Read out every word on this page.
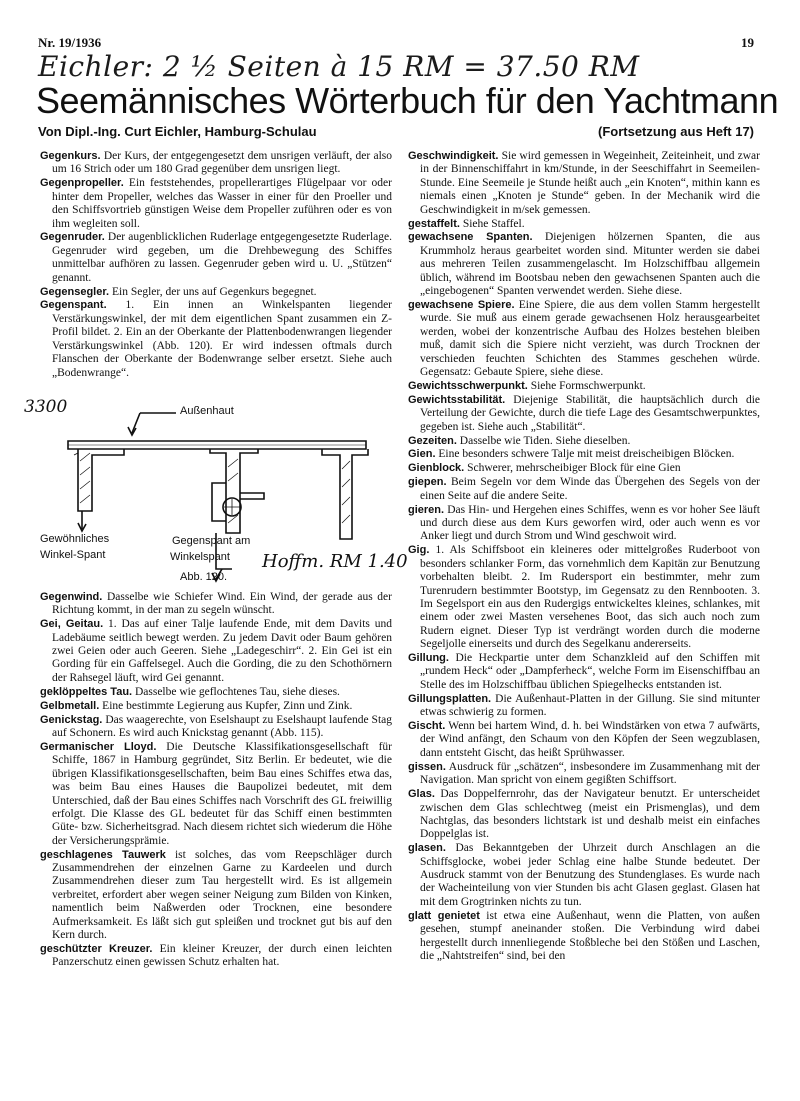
Nr. 19/1936	19
Eichler: 2 ½ Seiten à 15 RM = 37.50 RM
Seemännisches Wörterbuch für den Yachtmann
Von Dipl.-Ing. Curt Eichler, Hamburg-Schulau	(Fortsetzung aus Heft 17)
Gegenkurs. Der Kurs, der entgegengesetzt dem unsrigen verläuft, der also um 16 Strich oder um 180 Grad gegenüber dem unsrigen liegt.
Gegenpropeller. Ein feststehendes, propellerartiges Flügelpaar vor oder hinter dem Propeller, welches das Wasser in einer für den Proeller und den Schiffsvortrieb günstigen Weise dem Propeller zuführen oder es von ihm wegleiten soll.
Gegenruder. Der augenblicklichen Ruderlage entgegengesetzte Ruderlage. Gegenruder wird gegeben, um die Drehbewegung des Schiffes unmittelbar aufhören zu lassen. Gegenruder geben wird u. U. „Stützen“ genannt.
Gegensegler. Ein Segler, der uns auf Gegenkurs begegnet.
Gegenspant. 1. Ein innen an Winkelspanten liegender Verstärkungswinkel, der mit dem eigentlichen Spant zusammen ein Z-Profil bildet. 2. Ein an der Oberkante der Plattenbodenwrangen liegender Verstärkungswinkel (Abb. 120). Er wird indessen oftmals durch Flanschen der Oberkante der Bodenwrange selber ersetzt. Siehe auch „Bodenwrange“.
3300	Außenhaut
Gewöhnliches
Winkel-Spant
Gegenspant am
Winkelspant
Abb. 120.
Hoffm. RM 1.40
Gegenwind. Dasselbe wie Schiefer Wind. Ein Wind, der gerade aus der Richtung kommt, in der man zu segeln wünscht.
Gei, Geitau. 1. Das auf einer Talje laufende Ende, mit dem Davits und Ladebäume seitlich bewegt werden. Zu jedem Davit oder Baum gehören zwei Geien oder auch Geeren. Siehe „Ladegeschirr“. 2. Ein Gei ist ein Gording für ein Gaffelsegel. Auch die Gording, die zu den Schothörnern der Rahsegel läuft, wird Gei genannt.
geklöppeltes Tau. Dasselbe wie geflochtenes Tau, siehe dieses.
Gelbmetall. Eine bestimmte Legierung aus Kupfer, Zinn und Zink.
Genickstag. Das waagerechte, von Eselshaupt zu Eselshaupt laufende Stag auf Schonern. Es wird auch Knickstag genannt (Abb. 115).
Germanischer Lloyd. Die Deutsche Klassifikationsgesellschaft für Schiffe, 1867 in Hamburg gegründet, Sitz Berlin. Er bedeutet, wie die übrigen Klassifikationsgesellschaften, beim Bau eines Schiffes etwa das, was beim Bau eines Hauses die Baupolizei bedeutet, mit dem Unterschied, daß der Bau eines Schiffes nach Vorschrift des GL freiwillig erfolgt. Die Klasse des GL bedeutet für das Schiff einen bestimmten Güte- bzw. Sicherheitsgrad. Nach diesem richtet sich wiederum die Höhe der Versicherungsprämie.
geschlagenes Tauwerk ist solches, das vom Reepschläger durch Zusammendrehen der einzelnen Garne zu Kardeelen und durch Zusammendrehen dieser zum Tau hergestellt wird. Es ist allgemein verbreitet, erfordert aber wegen seiner Neigung zum Bilden von Kinken, namentlich beim Naßwerden oder Trocknen, eine besondere Aufmerksamkeit. Es läßt sich gut spleißen und trocknet gut bis auf den Kern durch.
geschützter Kreuzer. Ein kleiner Kreuzer, der durch einen leichten Panzerschutz einen gewissen Schutz erhalten hat.
Geschwindigkeit. Sie wird gemessen in Wegeinheit, Zeiteinheit, und zwar in der Binnenschiffahrt in km/Stunde, in der Seeschiffahrt in Seemeilen-Stunde. Eine Seemeile je Stunde heißt auch „ein Knoten“, mithin kann es niemals einen „Knoten je Stunde“ geben. In der Mechanik wird die Geschwindigkeit in m/sek gemessen.
gestaffelt. Siehe Staffel.
gewachsene Spanten. Diejenigen hölzernen Spanten, die aus Krummholz heraus gearbeitet worden sind. Mitunter werden sie dabei aus mehreren Teilen zusammengelascht. Im Holzschiffbau allgemein üblich, während im Bootsbau neben den gewachsenen Spanten auch die „eingebogenen“ Spanten verwendet werden. Siehe diese.
gewachsene Spiere. Eine Spiere, die aus dem vollen Stamm hergestellt wurde. Sie muß aus einem gerade gewachsenen Holz herausgearbeitet werden, wobei der konzentrische Aufbau des Holzes bestehen bleiben muß, damit sich die Spiere nicht verzieht, was durch Trocknen der verschieden feuchten Schichten des Stammes geschehen würde. Gegensatz: Gebaute Spiere, siehe diese.
Gewichtsschwerpunkt. Siehe Formschwerpunkt.
Gewichtsstabilität. Diejenige Stabilität, die hauptsächlich durch die Verteilung der Gewichte, durch die tiefe Lage des Gesamtschwerpunktes, gegeben ist. Siehe auch „Stabilität“.
Gezeiten. Dasselbe wie Tiden. Siehe dieselben.
Gien. Eine besonders schwere Talje mit meist dreischeibigen Blöcken.
Gienblock. Schwerer, mehrscheibiger Block für eine Gien
giepen. Beim Segeln vor dem Winde das Übergehen des Segels von der einen Seite auf die andere Seite.
gieren. Das Hin- und Hergehen eines Schiffes, wenn es vor hoher See läuft und durch diese aus dem Kurs geworfen wird, oder auch wenn es vor Anker liegt und durch Strom und Wind geschwoit wird.
Gig. 1. Als Schiffsboot ein kleineres oder mittelgroßes Ruderboot von besonders schlanker Form, das vornehmlich dem Kapitän zur Benutzung vorbehalten bleibt. 2. Im Rudersport ein bestimmter, mehr zum Turenrudern bestimmter Bootstyp, im Gegensatz zu den Rennbooten. 3. Im Segelsport ein aus den Rudergigs entwickeltes kleines, schlankes, mit einem oder zwei Masten versehenes Boot, das sich auch noch zum Rudern eignet. Dieser Typ ist verdrängt worden durch die moderne Segeljolle einerseits und durch des Segelkanu andererseits.
Gillung. Die Heckpartie unter dem Schanzkleid auf den Schiffen mit „rundem Heck“ oder „Dampferheck“, welche Form im Eisenschiffbau an Stelle des im Holzschiffbau üblichen Spiegelhecks entstanden ist.
Gillungsplatten. Die Außenhaut-Platten in der Gillung. Sie sind mitunter etwas schwierig zu formen.
Gischt. Wenn bei hartem Wind, d. h. bei Windstärken von etwa 7 aufwärts, der Wind anfängt, den Schaum von den Köpfen der Seen wegzublasen, dann entsteht Gischt, das heißt Sprühwasser.
gissen. Ausdruck für „schätzen“, insbesondere im Zusammenhang mit der Navigation. Man spricht von einem gegißten Schiffsort.
Glas. Das Doppelfernrohr, das der Navigateur benutzt. Er unterscheidet zwischen dem Glas schlechtweg (meist ein Prismenglas), und dem Nachtglas, das besonders lichtstark ist und deshalb meist ein einfaches Doppelglas ist.
glasen. Das Bekanntgeben der Uhrzeit durch Anschlagen an die Schiffsglocke, wobei jeder Schlag eine halbe Stunde bedeutet. Der Ausdruck stammt von der Benutzung des Stundenglases. Es wurde nach der Wacheinteilung von vier Stunden bis acht Glasen geglast. Glasen hat mit dem Grogtrinken nichts zu tun.
glatt genietet ist etwa eine Außenhaut, wenn die Platten, von außen gesehen, stumpf aneinander stoßen. Die Verbindung wird dabei hergestellt durch innenliegende Stoßbleche bei den Stößen und Laschen, die „Nahtstreifen“ sind, bei den
